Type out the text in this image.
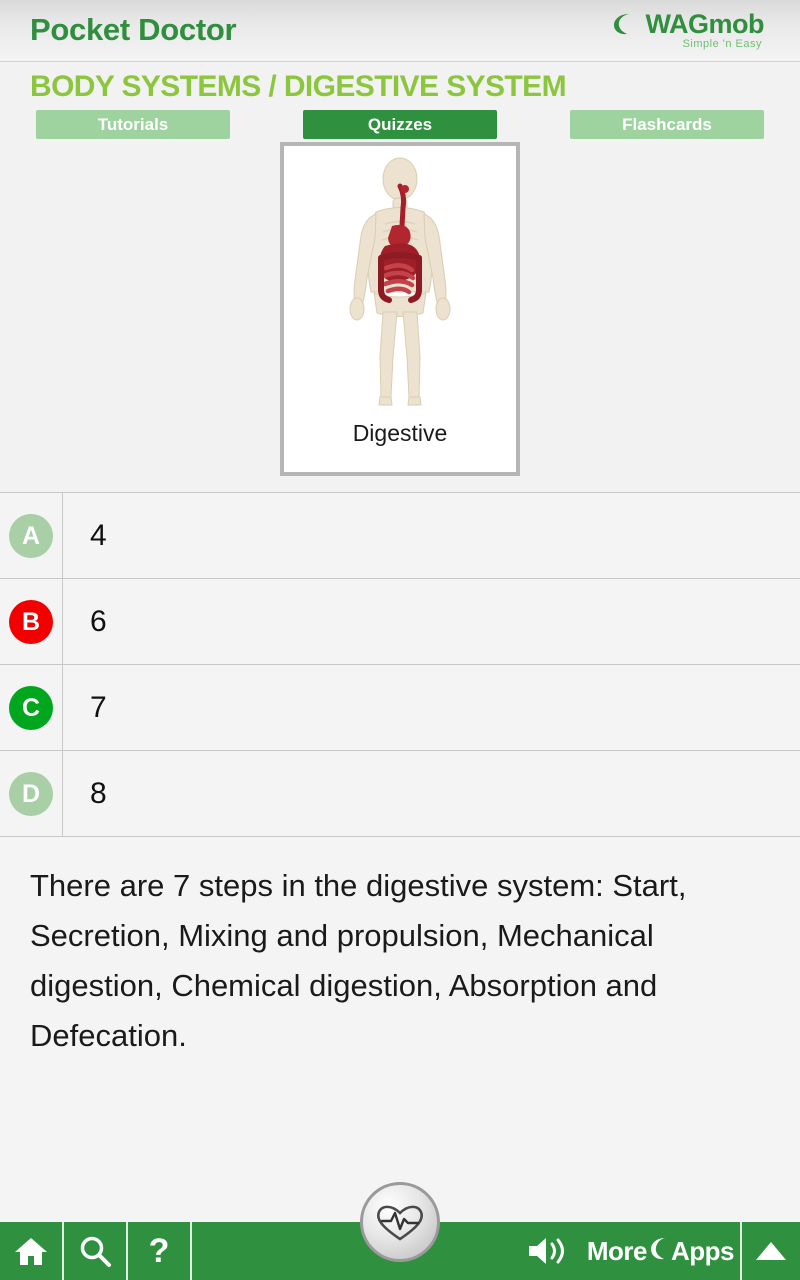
Pocket Doctor	WAGmob
Simple 'n Easy
BODY SYSTEMS / DIGESTIVE SYSTEM
Tutorials	Quizzes	Flashcards
Digestive
A	4
B	6
C	7
D	8
There are 7 steps in the digestive system: Start, Secretion, Mixing and propulsion, Mechanical digestion, Chemical digestion, Absorption and Defecation.
?	More Apps
